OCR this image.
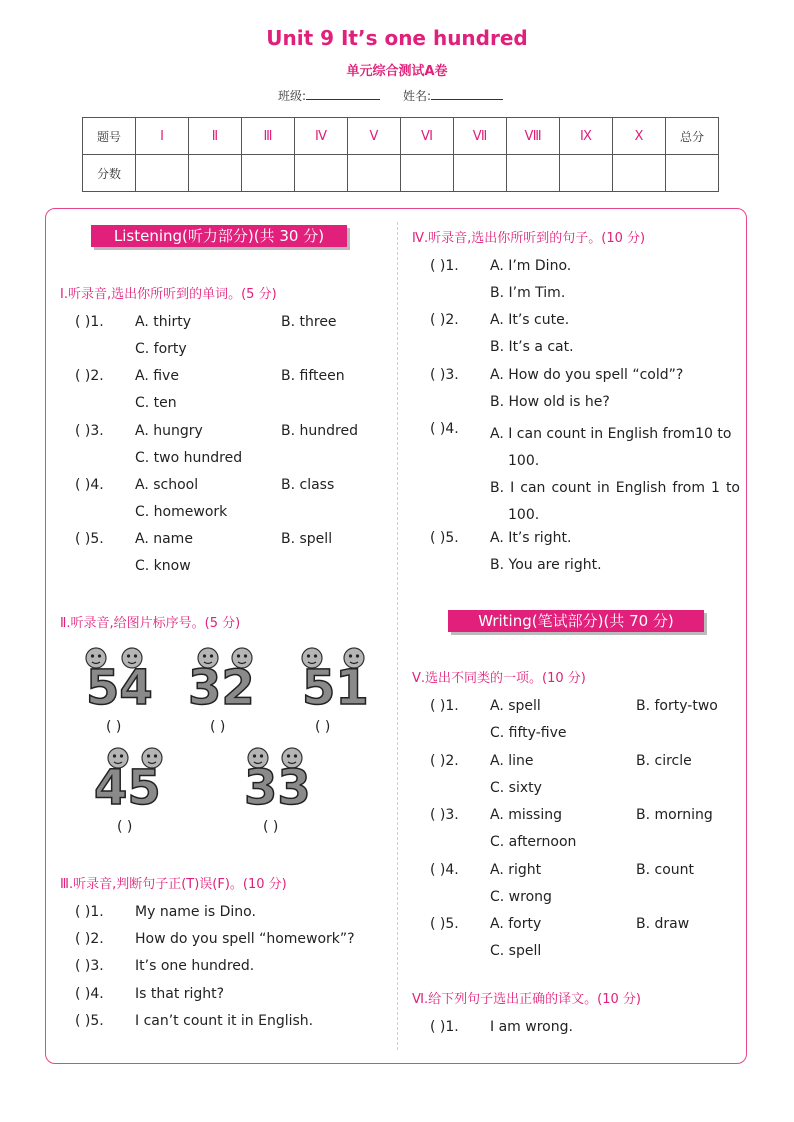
Unit 9 It’s one hundred
单元综合测试A卷
班级:	姓名:
题号	Ⅰ	Ⅱ	Ⅲ	Ⅳ	Ⅴ	Ⅵ	Ⅶ	Ⅷ	Ⅸ	Ⅹ	总分
分数											
Listening(听力部分)(共 30 分)
Ⅰ.听录音,选出你所听到的单词。(5 分)
( )1. A. thirty	B. three
C. forty
( )2. A. five	B. fifteen
C. ten
( )3. A. hungry	B. hundred
C. two hundred
( )4. A. school	B. class
C. homework
( )5. A. name	B. spell
C. know
Ⅱ.听录音,给图片标序号。(5 分)
54 32 51
45 33
( )	( )	( )
( )	( )
Ⅲ.听录音,判断句子正(T)误(F)。(10 分)
( )1. My name is Dino.
( )2. How do you spell “homework”?
( )3. It’s one hundred.
( )4. Is that right?
( )5. I can’t count it in English.
Ⅳ.听录音,选出你所听到的句子。(10 分)
( )1. A. I’m Dino.
B. I’m Tim.
( )2. A. It’s cute.
B. It’s a cat.
( )3. A. How do you spell “cold”?
B. How old is he?
( )4. A. I can count in English from10 to 100.
B. I can count in English from 1 to 100.
( )5. A. It’s right.
B. You are right.
Writing(笔试部分)(共 70 分)
Ⅴ.选出不同类的一项。(10 分)
( )1. A. spell	B. forty-two
C. fifty-five
( )2. A. line	B. circle
C. sixty
( )3. A. missing	B. morning
C. afternoon
( )4. A. right	B. count
C. wrong
( )5. A. forty	B. draw
C. spell
Ⅵ.给下列句子选出正确的译文。(10 分)
( )1. I am wrong.
